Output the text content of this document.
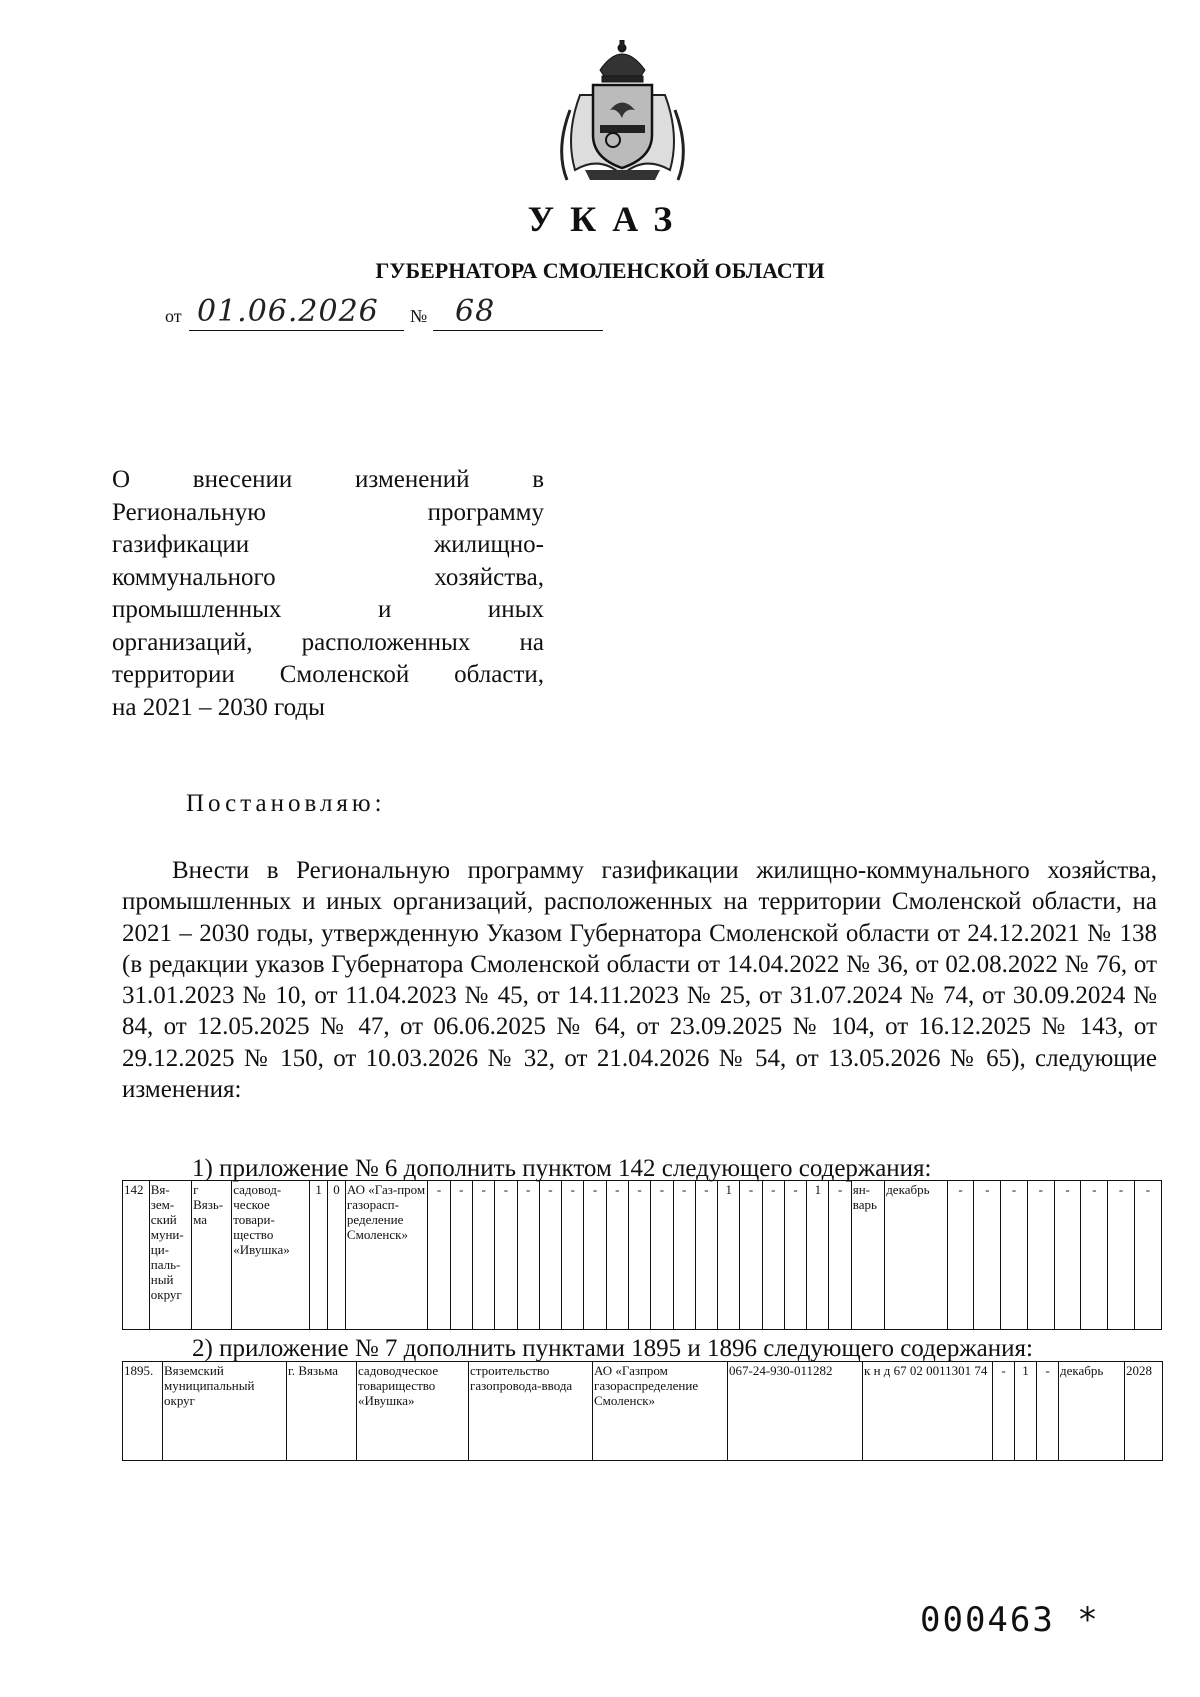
УКАЗ
ГУБЕРНАТОРА СМОЛЕНСКОЙ ОБЛАСТИ
от 01.06.2026 № 68
О внесении изменений в
Региональную программу
газификации жилищно-
коммунального хозяйства,
промышленных и иных
организаций, расположенных на
территории Смоленской области,
на 2021 – 2030 годы
Постановляю:
Внести в Региональную программу газификации жилищно-коммунального хозяйства, промышленных и иных организаций, расположенных на территории Смоленской области, на 2021 – 2030 годы, утвержденную Указом Губернатора Смоленской области от 24.12.2021 № 138 (в редакции указов Губернатора Смоленской области от 14.04.2022 № 36, от 02.08.2022 № 76, от 31.01.2023 № 10, от 11.04.2023 № 45, от 14.11.2023 № 25, от 31.07.2024 № 74, от 30.09.2024 № 84, от 12.05.2025 № 47, от 06.06.2025 № 64, от 23.09.2025 № 104, от 16.12.2025 № 143, от 29.12.2025 № 150, от 10.03.2026 № 32, от 21.04.2026 № 54, от 13.05.2026 № 65), следующие изменения:
1) приложение № 6 дополнить пунктом 142 следующего содержания:
142	Вя-зем-ский муни-ци-паль-ный округ	г Вязь-ма	садовод-ческое товари-щество «Ивушка»	1	0	АО «Газ-пром газорасп-ределение Смоленск»	-	-	-	-	-	-	-	-	-	-	-	-	-	1	-	-	-	1	-	ян-варь	декабрь	-	-	-	-	-	-	-	-
2) приложение № 7 дополнить пунктами 1895 и 1896 следующего содержания:
1895.	Вяземский муниципальный округ	г. Вязьма	садоводческое товарищество «Ивушка»	строительство газопровода-ввода	АО «Газпром газораспределение Смоленск»	067-24-930-011282	к н д 67 02 0011301 74	-	1	-	декабрь	2028
000463 *
